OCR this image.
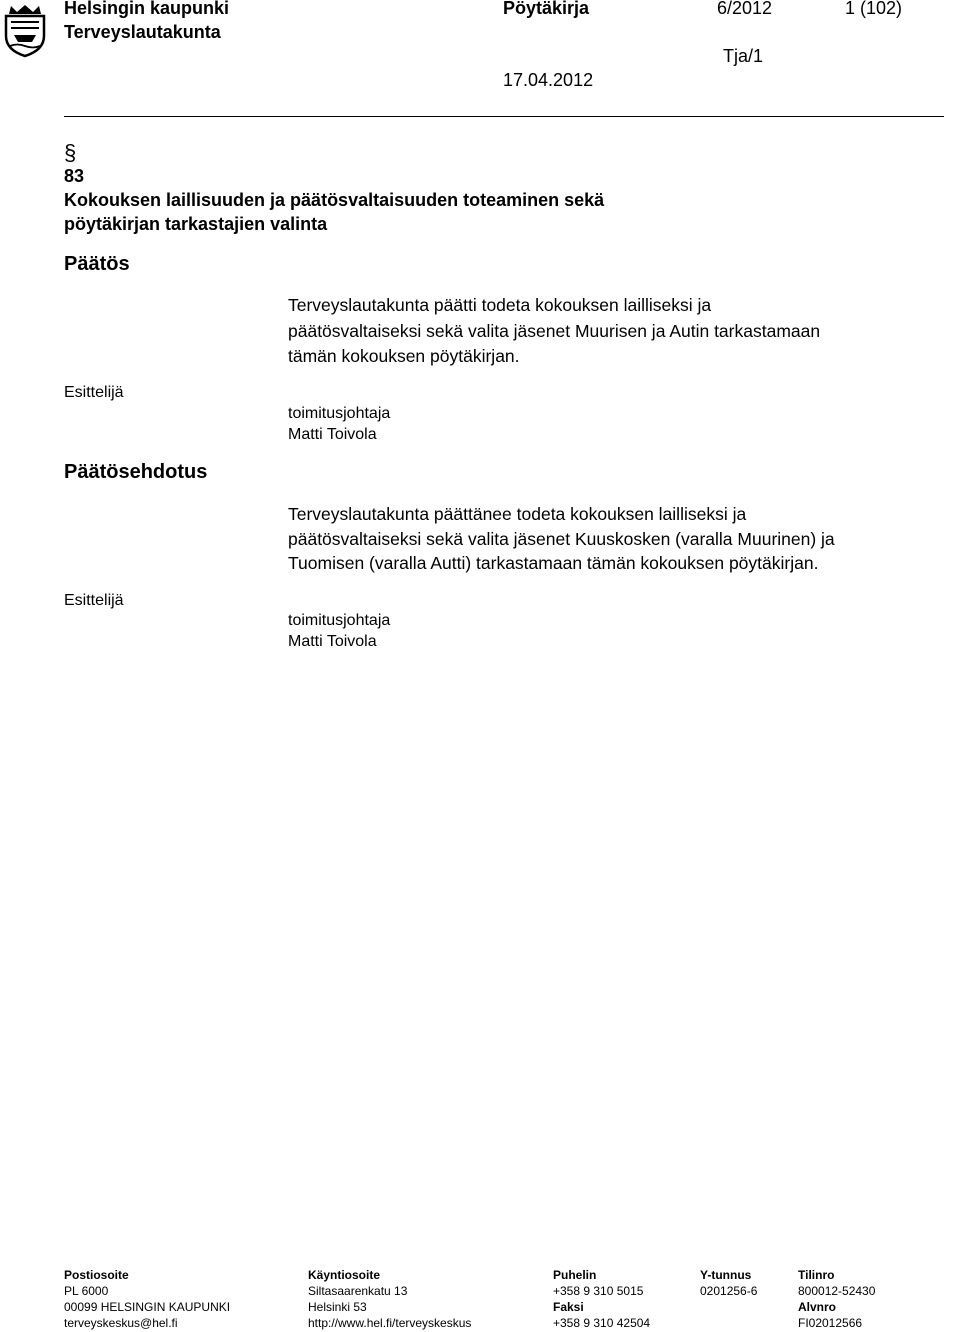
Helsingin kaupunki
Terveyslautakunta
Pöytäkirja	6/2012	1 (102)
Tja/1
17.04.2012
§
83
Kokouksen laillisuuden ja päätösvaltaisuuden toteaminen sekä
pöytäkirjan tarkastajien valinta
Päätös
Terveyslautakunta päätti todeta kokouksen lailliseksi ja
päätösvaltaiseksi sekä valita jäsenet Muurisen ja Autin tarkastamaan
tämän kokouksen pöytäkirjan.
Esittelijä
toimitusjohtaja
Matti Toivola
Päätösehdotus
Terveyslautakunta päättänee todeta kokouksen lailliseksi ja
päätösvaltaiseksi sekä valita jäsenet Kuuskosken (varalla Muurinen) ja
Tuomisen (varalla Autti) tarkastamaan tämän kokouksen pöytäkirjan.
Esittelijä
toimitusjohtaja
Matti Toivola
Postiosoite
PL 6000
00099 HELSINGIN KAUPUNKI
terveyskeskus@hel.fi
Käyntiosoite
Siltasaarenkatu 13
Helsinki 53
http://www.hel.fi/terveyskeskus
Puhelin
+358 9 310 5015
Faksi
+358 9 310 42504
Y-tunnus
0201256-6
Tilinro
800012-52430
Alvnro
FI02012566
